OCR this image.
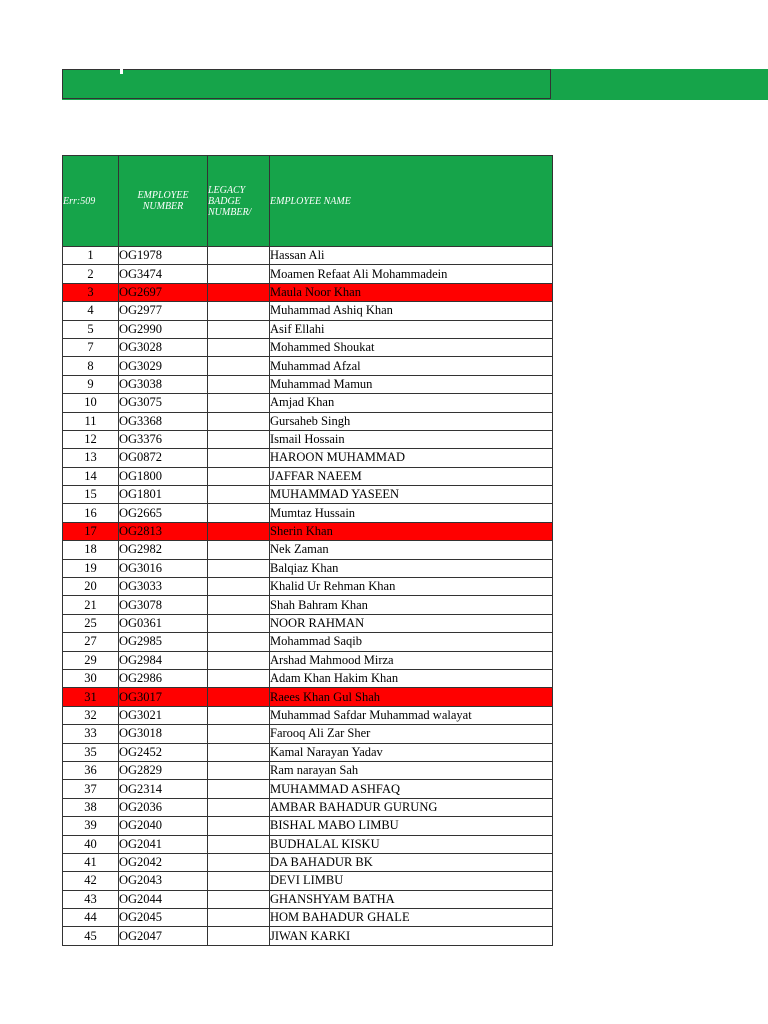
Err:509	EMPLOYEE NUMBER	LEGACY BADGE NUMBER/	EMPLOYEE NAME
1	OG1978		Hassan Ali
2	OG3474		Moamen Refaat Ali Mohammadein
3	OG2697		Maula Noor Khan
4	OG2977		Muhammad Ashiq Khan
5	OG2990		Asif Ellahi
7	OG3028		Mohammed Shoukat
8	OG3029		Muhammad Afzal
9	OG3038		Muhammad Mamun
10	OG3075		Amjad Khan
11	OG3368		Gursaheb Singh
12	OG3376		Ismail Hossain
13	OG0872		HAROON MUHAMMAD
14	OG1800		JAFFAR NAEEM
15	OG1801		MUHAMMAD YASEEN
16	OG2665		Mumtaz Hussain
17	OG2813		Sherin Khan
18	OG2982		Nek Zaman
19	OG3016		Balqiaz Khan
20	OG3033		Khalid Ur Rehman Khan
21	OG3078		Shah Bahram Khan
25	OG0361		NOOR RAHMAN
27	OG2985		Mohammad Saqib
29	OG2984		Arshad Mahmood Mirza
30	OG2986		Adam Khan Hakim Khan
31	OG3017		Raees Khan Gul Shah
32	OG3021		Muhammad Safdar Muhammad walayat
33	OG3018		Farooq Ali Zar Sher
35	OG2452		Kamal Narayan Yadav
36	OG2829		Ram narayan Sah
37	OG2314		MUHAMMAD ASHFAQ
38	OG2036		AMBAR BAHADUR GURUNG
39	OG2040		BISHAL MABO LIMBU
40	OG2041		BUDHALAL KISKU
41	OG2042		DA BAHADUR BK
42	OG2043		DEVI LIMBU
43	OG2044		GHANSHYAM BATHA
44	OG2045		HOM BAHADUR GHALE
45	OG2047		JIWAN KARKI
